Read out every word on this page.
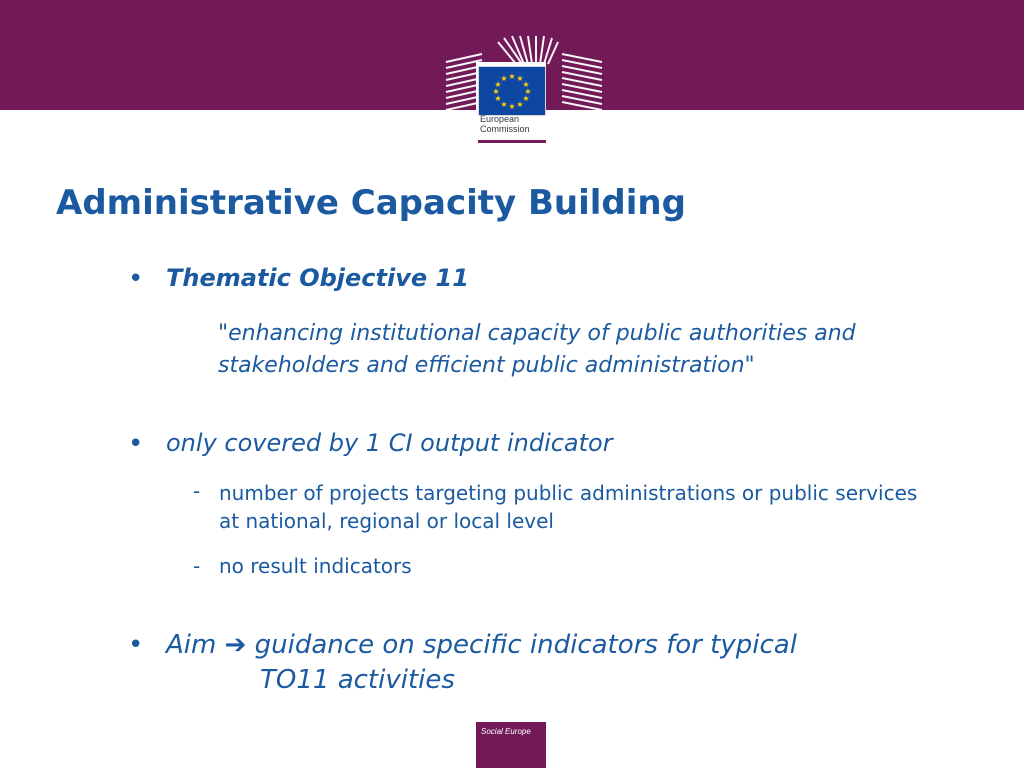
★ ★
★
★
★
★
★
★
★
★
★
★
European
Commission
Administrative Capacity Building
• Thematic Objective 11
"enhancing institutional capacity of public authorities and stakeholders and efficient public administration"
• only covered by 1 CI output indicator
- number of projects targeting public administrations or public services at national, regional or local level
- no result indicators
• Aim ➔ guidance on specific indicators for typical
TO11 activities
Social Europe
